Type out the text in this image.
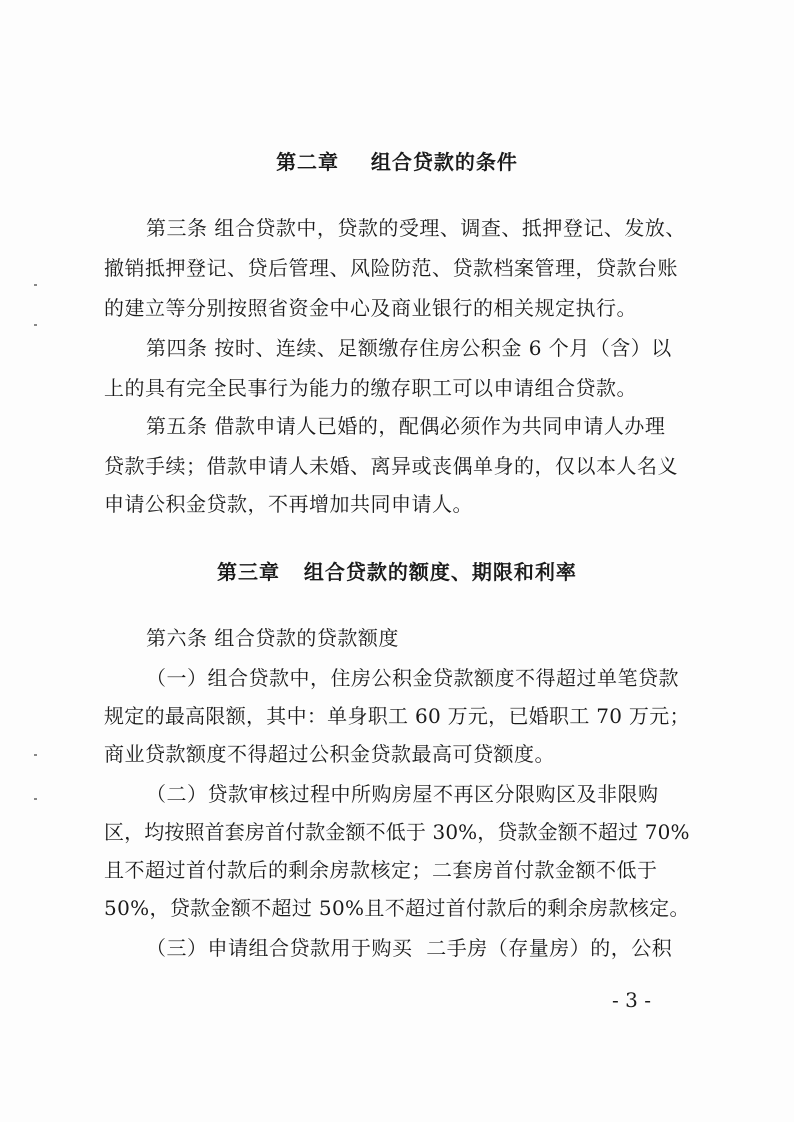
第二章    组合贷款的条件
第三条 组合贷款中，贷款的受理、调查、抵押登记、发放、
撤销抵押登记、贷后管理、风险防范、贷款档案管理，贷款台账
的建立等分别按照省资金中心及商业银行的相关规定执行。
第四条 按时、连续、足额缴存住房公积金 6 个月（含）以
上的具有完全民事行为能力的缴存职工可以申请组合贷款。
第五条 借款申请人已婚的，配偶必须作为共同申请人办理
贷款手续；借款申请人未婚、离异或丧偶单身的，仅以本人名义
申请公积金贷款，不再增加共同申请人。
第三章   组合贷款的额度、期限和利率
第六条 组合贷款的贷款额度
（一）组合贷款中，住房公积金贷款额度不得超过单笔贷款
规定的最高限额，其中：单身职工 60 万元，已婚职工 70 万元；
商业贷款额度不得超过公积金贷款最高可贷额度。
（二）贷款审核过程中所购房屋不再区分限购区及非限购
区，均按照首套房首付款金额不低于 30%，贷款金额不超过 70%
且不超过首付款后的剩余房款核定；二套房首付款金额不低于
50%，贷款金额不超过 50%且不超过首付款后的剩余房款核定。
（三）申请组合贷款用于购买  二手房（存量房）的，公积
- 3 -
